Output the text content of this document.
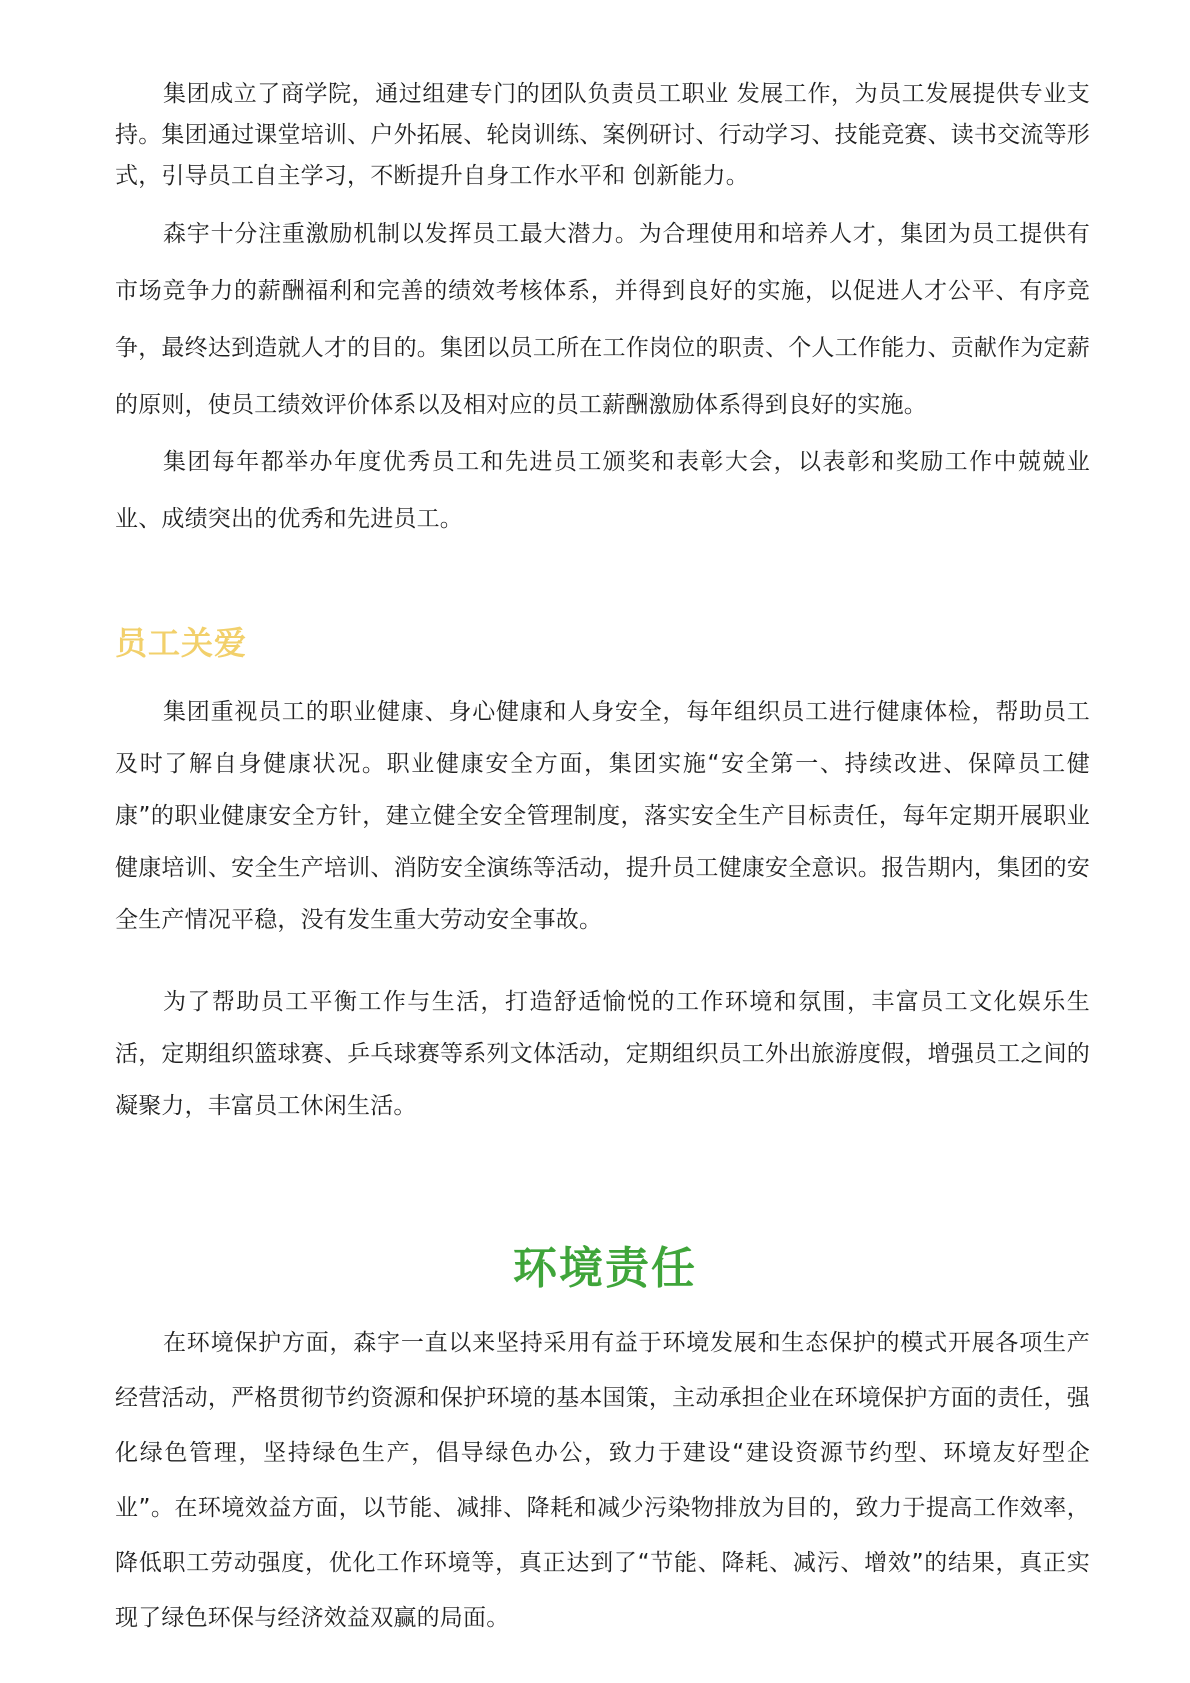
集团成立了商学院，通过组建专门的团队负责员工职业 发展工作，为员工发展提供专业支持。集团通过课堂培训、户外拓展、轮岗训练、案例研讨、行动学习、技能竞赛、读书交流等形式，引导员工自主学习，不断提升自身工作水平和 创新能力。

森宇十分注重激励机制以发挥员工最大潜力。为合理使用和培养人才，集团为员工提供有市场竞争力的薪酬福利和完善的绩效考核体系，并得到良好的实施，以促进人才公平、有序竞争，最终达到造就人才的目的。集团以员工所在工作岗位的职责、个人工作能力、贡献作为定薪的原则，使员工绩效评价体系以及相对应的员工薪酬激励体系得到良好的实施。

集团每年都举办年度优秀员工和先进员工颁奖和表彰大会，以表彰和奖励工作中兢兢业业、成绩突出的优秀和先进员工。

员工关爱

集团重视员工的职业健康、身心健康和人身安全，每年组织员工进行健康体检，帮助员工及时了解自身健康状况。职业健康安全方面，集团实施“安全第一、持续改进、保障员工健康”的职业健康安全方针，建立健全安全管理制度，落实安全生产目标责任，每年定期开展职业健康培训、安全生产培训、消防安全演练等活动，提升员工健康安全意识。报告期内，集团的安全生产情况平稳，没有发生重大劳动安全事故。

为了帮助员工平衡工作与生活，打造舒适愉悦的工作环境和氛围，丰富员工文化娱乐生活，定期组织篮球赛、乒乓球赛等系列文体活动，定期组织员工外出旅游度假，增强员工之间的凝聚力，丰富员工休闲生活。

环境责任

在环境保护方面，森宇一直以来坚持采用有益于环境发展和生态保护的模式开展各项生产经营活动，严格贯彻节约资源和保护环境的基本国策，主动承担企业在环境保护方面的责任，强化绿色管理，坚持绿色生产，倡导绿色办公，致力于建设“建设资源节约型、环境友好型企业”。在环境效益方面，以节能、减排、降耗和减少污染物排放为目的，致力于提高工作效率，降低职工劳动强度，优化工作环境等，真正达到了“节能、降耗、减污、增效”的结果，真正实现了绿色环保与经济效益双赢的局面。
